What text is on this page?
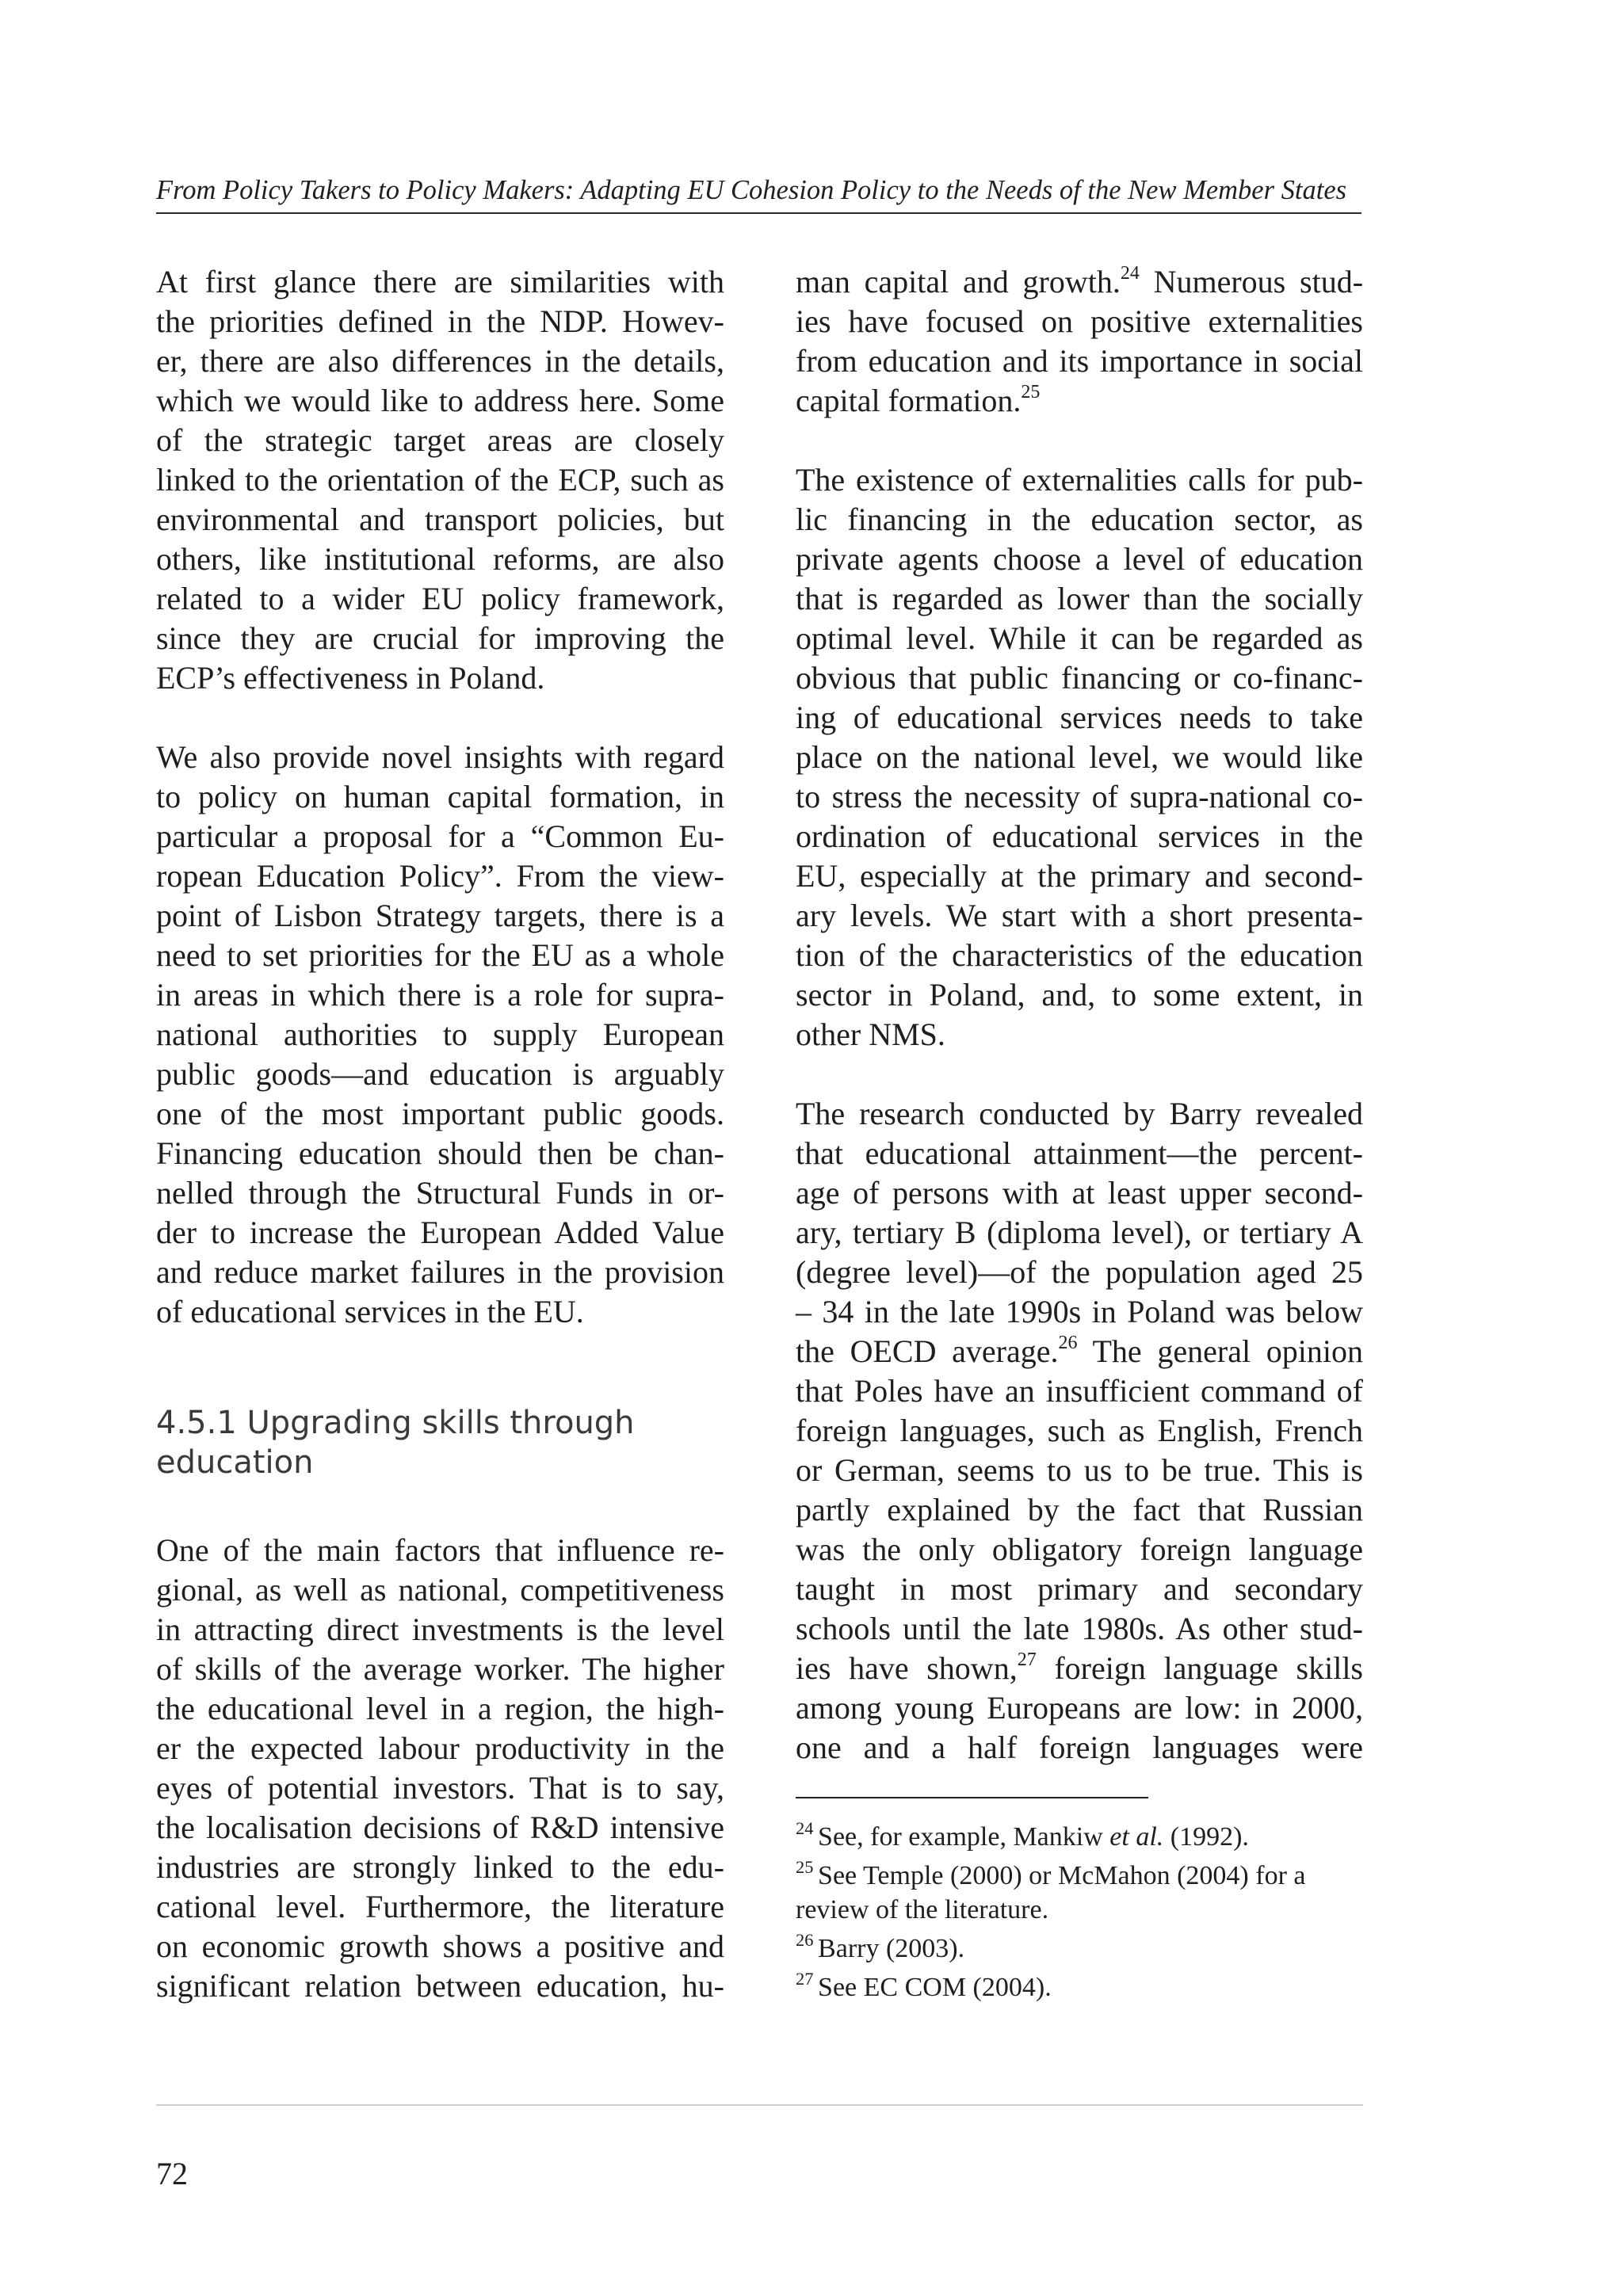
From Policy Takers to Policy Makers: Adapting EU Cohesion Policy to the Needs of the New Member States
At first glance there are similarities with
the priorities defined in the NDP. Howev-
er, there are also differences in the details,
which we would like to address here. Some
of the strategic target areas are closely
linked to the orientation of the ECP, such as
environmental and transport policies, but
others, like institutional reforms, are also
related to a wider EU policy framework,
since they are crucial for improving the
ECP’s effectiveness in Poland.
We also provide novel insights with regard
to policy on human capital formation, in
particular a proposal for a “Common Eu-
ropean Education Policy”. From the view-
point of Lisbon Strategy targets, there is a
need to set priorities for the EU as a whole
in areas in which there is a role for supra-
national authorities to supply European
public goods—and education is arguably
one of the most important public goods.
Financing education should then be chan-
nelled through the Structural Funds in or-
der to increase the European Added Value
and reduce market failures in the provision
of educational services in the EU.
4.5.1 Upgrading skills through
education
One of the main factors that influence re-
gional, as well as national, competitiveness
in attracting direct investments is the level
of skills of the average worker. The higher
the educational level in a region, the high-
er the expected labour productivity in the
eyes of potential investors. That is to say,
the localisation decisions of R&D intensive
industries are strongly linked to the edu-
cational level. Furthermore, the literature
on economic growth shows a positive and
significant relation between education, hu-
man capital and growth.$^{24}$ Numerous stud-
ies have focused on positive externalities
from education and its importance in social
capital formation.$^{25}$
The existence of externalities calls for pub-
lic financing in the education sector, as
private agents choose a level of education
that is regarded as lower than the socially
optimal level. While it can be regarded as
obvious that public financing or co-financ-
ing of educational services needs to take
place on the national level, we would like
to stress the necessity of supra-national co-
ordination of educational services in the
EU, especially at the primary and second-
ary levels. We start with a short presenta-
tion of the characteristics of the education
sector in Poland, and, to some extent, in
other NMS.
The research conducted by Barry revealed
that educational attainment—the percent-
age of persons with at least upper second-
ary, tertiary B (diploma level), or tertiary A
(degree level)—of the population aged 25
– 34 in the late 1990s in Poland was below
the OECD average.$^{26}$ The general opinion
that Poles have an insufficient command of
foreign languages, such as English, French
or German, seems to us to be true. This is
partly explained by the fact that Russian
was the only obligatory foreign language
taught in most primary and secondary
schools until the late 1980s. As other stud-
ies have shown,$^{27}$ foreign language skills
among young Europeans are low: in 2000,
one and a half foreign languages were
$^{24}$ See, for example, Mankiw et al. (1992).
$^{25}$ See Temple (2000) or McMahon (2004) for a
review of the literature.
$^{26}$ Barry (2003).
$^{27}$ See EC COM (2004).
72
